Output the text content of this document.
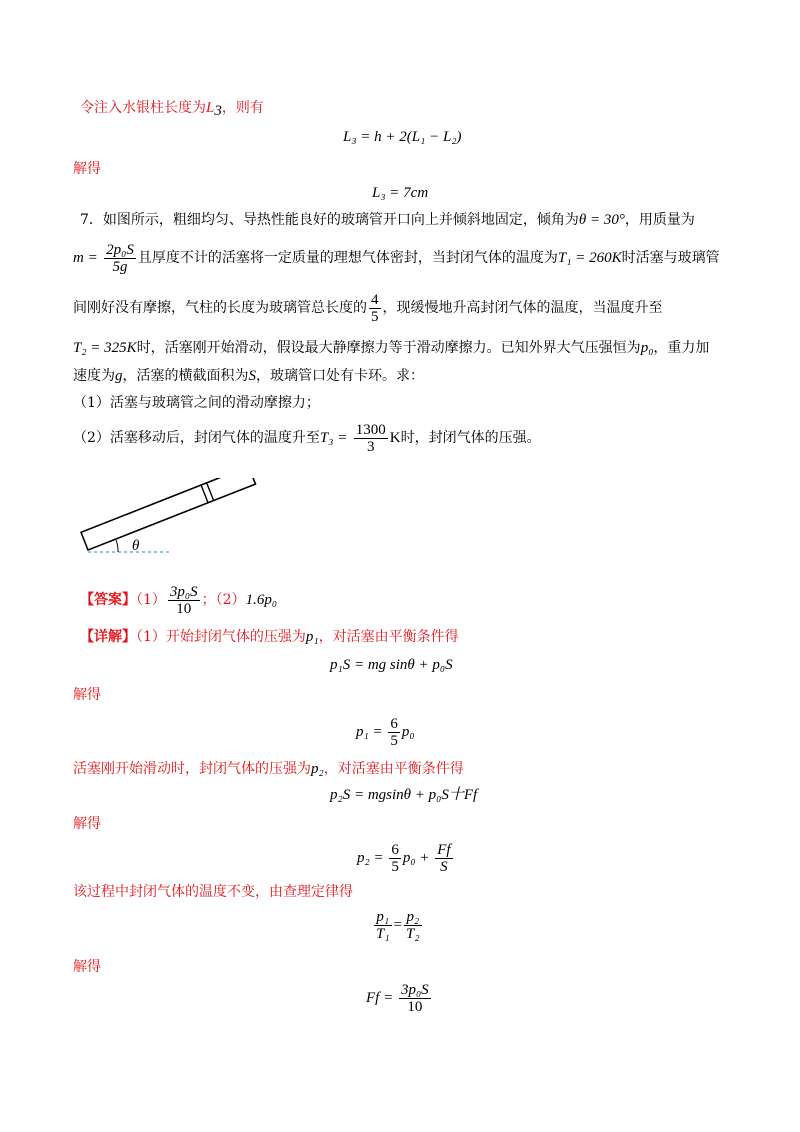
令注入水银柱长度为$L_3$，则有
L₃ = h + 2(L₁ − L₂)
解得
L₃ = 7cm
7．如图所示，粗细均匀、导热性能良好的玻璃管开口向上并倾斜地固定，倾角为θ = 30°，用质量为
$m = \frac{\text{2p₀S}}{5g}$ 且厚度不计的活塞将一定质量的理想气体密封，当封闭气体的温度为T₁ = 260K时活塞与玻璃管
间刚好没有摩擦，气柱的长度为玻璃管总长度的 $\frac{4}{5}$ ，现缓慢地升高封闭气体的温度，当温度升至
T₂ = 325K时，活塞刚开始滑动，假设最大静摩擦力等于滑动摩擦力。已知外界大气压强恒为p₀，重力加
速度为g，活塞的横截面积为S，玻璃管口处有卡环。求：
（1）活塞与玻璃管之间的滑动摩擦力；
（2）活塞移动后，封闭气体的温度升至$T_3 = \frac{1300}{3}$ K时，封闭气体的压强。
θ
【答案】$(1) \frac{\text{3p₀S}}{10}$ ；（2）1.6p₀
【详解】（1）开始封闭气体的压强为p₁，对活塞由平衡条件得
p₁S = mg sinθ + p₀S
解得
$p_1 = \frac{6}{5} p_0$
活塞刚开始滑动时，封闭气体的压强为p₂，对活塞由平衡条件得
p₂S = mgsinθ + p₀S十Ff
解得
$p_2 = \frac{6}{5} p_0 + \frac{Ff}{S}$
该过程中封闭气体的温度不变，由查理定律得
$\frac{\text{p₁}}{\text{T₁}} = \frac{\text{p₂}}{\text{T₂}}$
解得
$Ff = \frac{\text{3p₀S}}{10}$
